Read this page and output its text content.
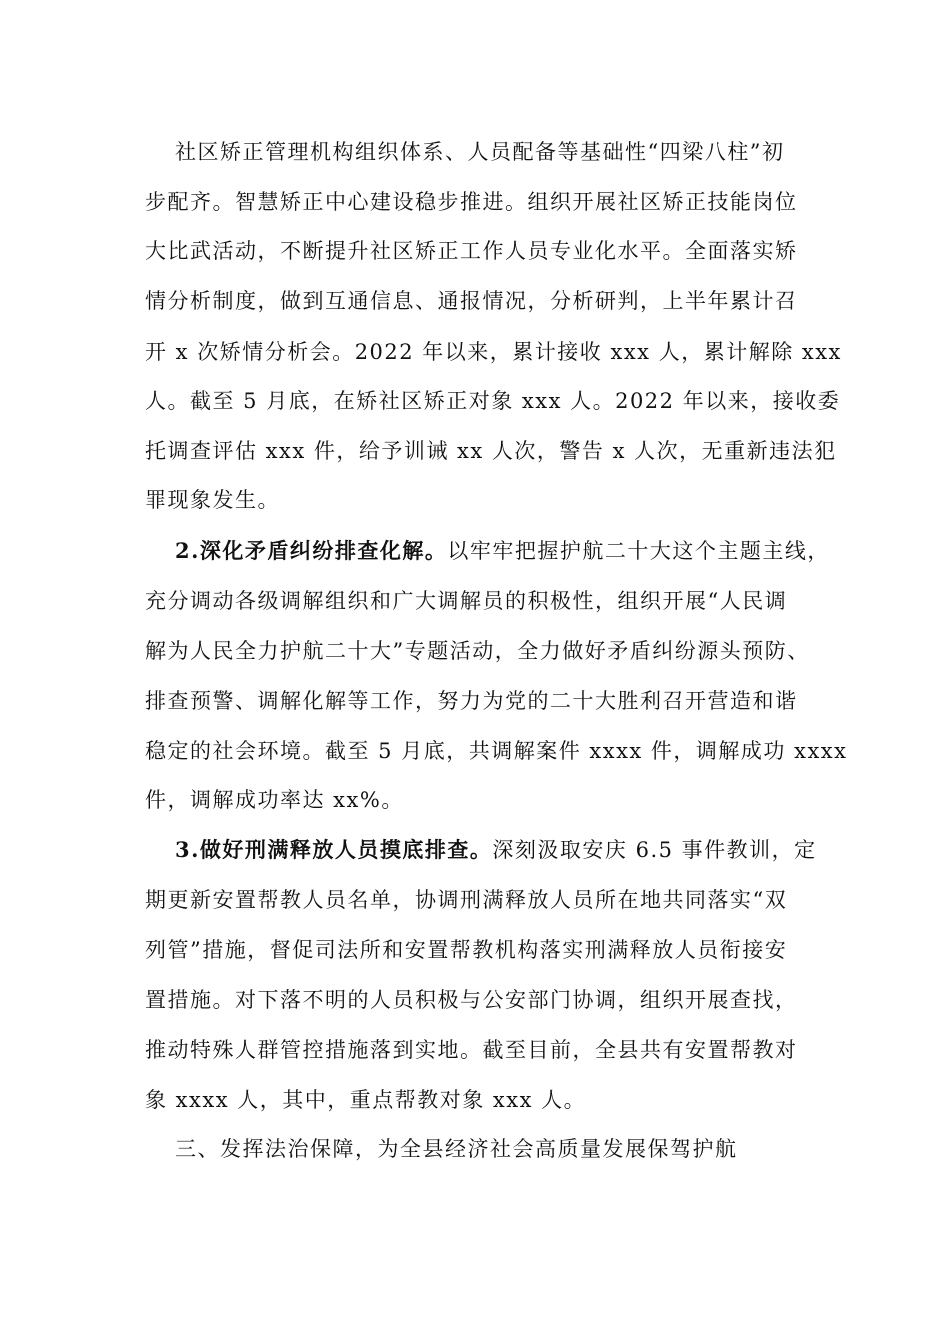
社区矫正管理机构组织体系、人员配备等基础性“四梁八柱”初
步配齐。智慧矫正中心建设稳步推进。组织开展社区矫正技能岗位
大比武活动，不断提升社区矫正工作人员专业化水平。全面落实矫
情分析制度，做到互通信息、通报情况，分析研判，上半年累计召
开 x 次矫情分析会。2022 年以来，累计接收 xxx 人，累计解除 xxx
人。截至 5 月底，在矫社区矫正对象 xxx 人。2022 年以来，接收委
托调查评估 xxx 件，给予训诫 xx 人次，警告 x 人次，无重新违法犯
罪现象发生。
2.深化矛盾纠纷排查化解。以牢牢把握护航二十大这个主题主线，
充分调动各级调解组织和广大调解员的积极性，组织开展“人民调
解为人民全力护航二十大”专题活动，全力做好矛盾纠纷源头预防、
排查预警、调解化解等工作，努力为党的二十大胜利召开营造和谐
稳定的社会环境。截至 5 月底，共调解案件 xxxx 件，调解成功 xxxx
件，调解成功率达 xx%。
3.做好刑满释放人员摸底排查。深刻汲取安庆 6.5 事件教训，定
期更新安置帮教人员名单，协调刑满释放人员所在地共同落实“双
列管”措施，督促司法所和安置帮教机构落实刑满释放人员衔接安
置措施。对下落不明的人员积极与公安部门协调，组织开展查找，
推动特殊人群管控措施落到实地。截至目前，全县共有安置帮教对
象 xxxx 人，其中，重点帮教对象 xxx 人。
三、发挥法治保障，为全县经济社会高质量发展保驾护航
